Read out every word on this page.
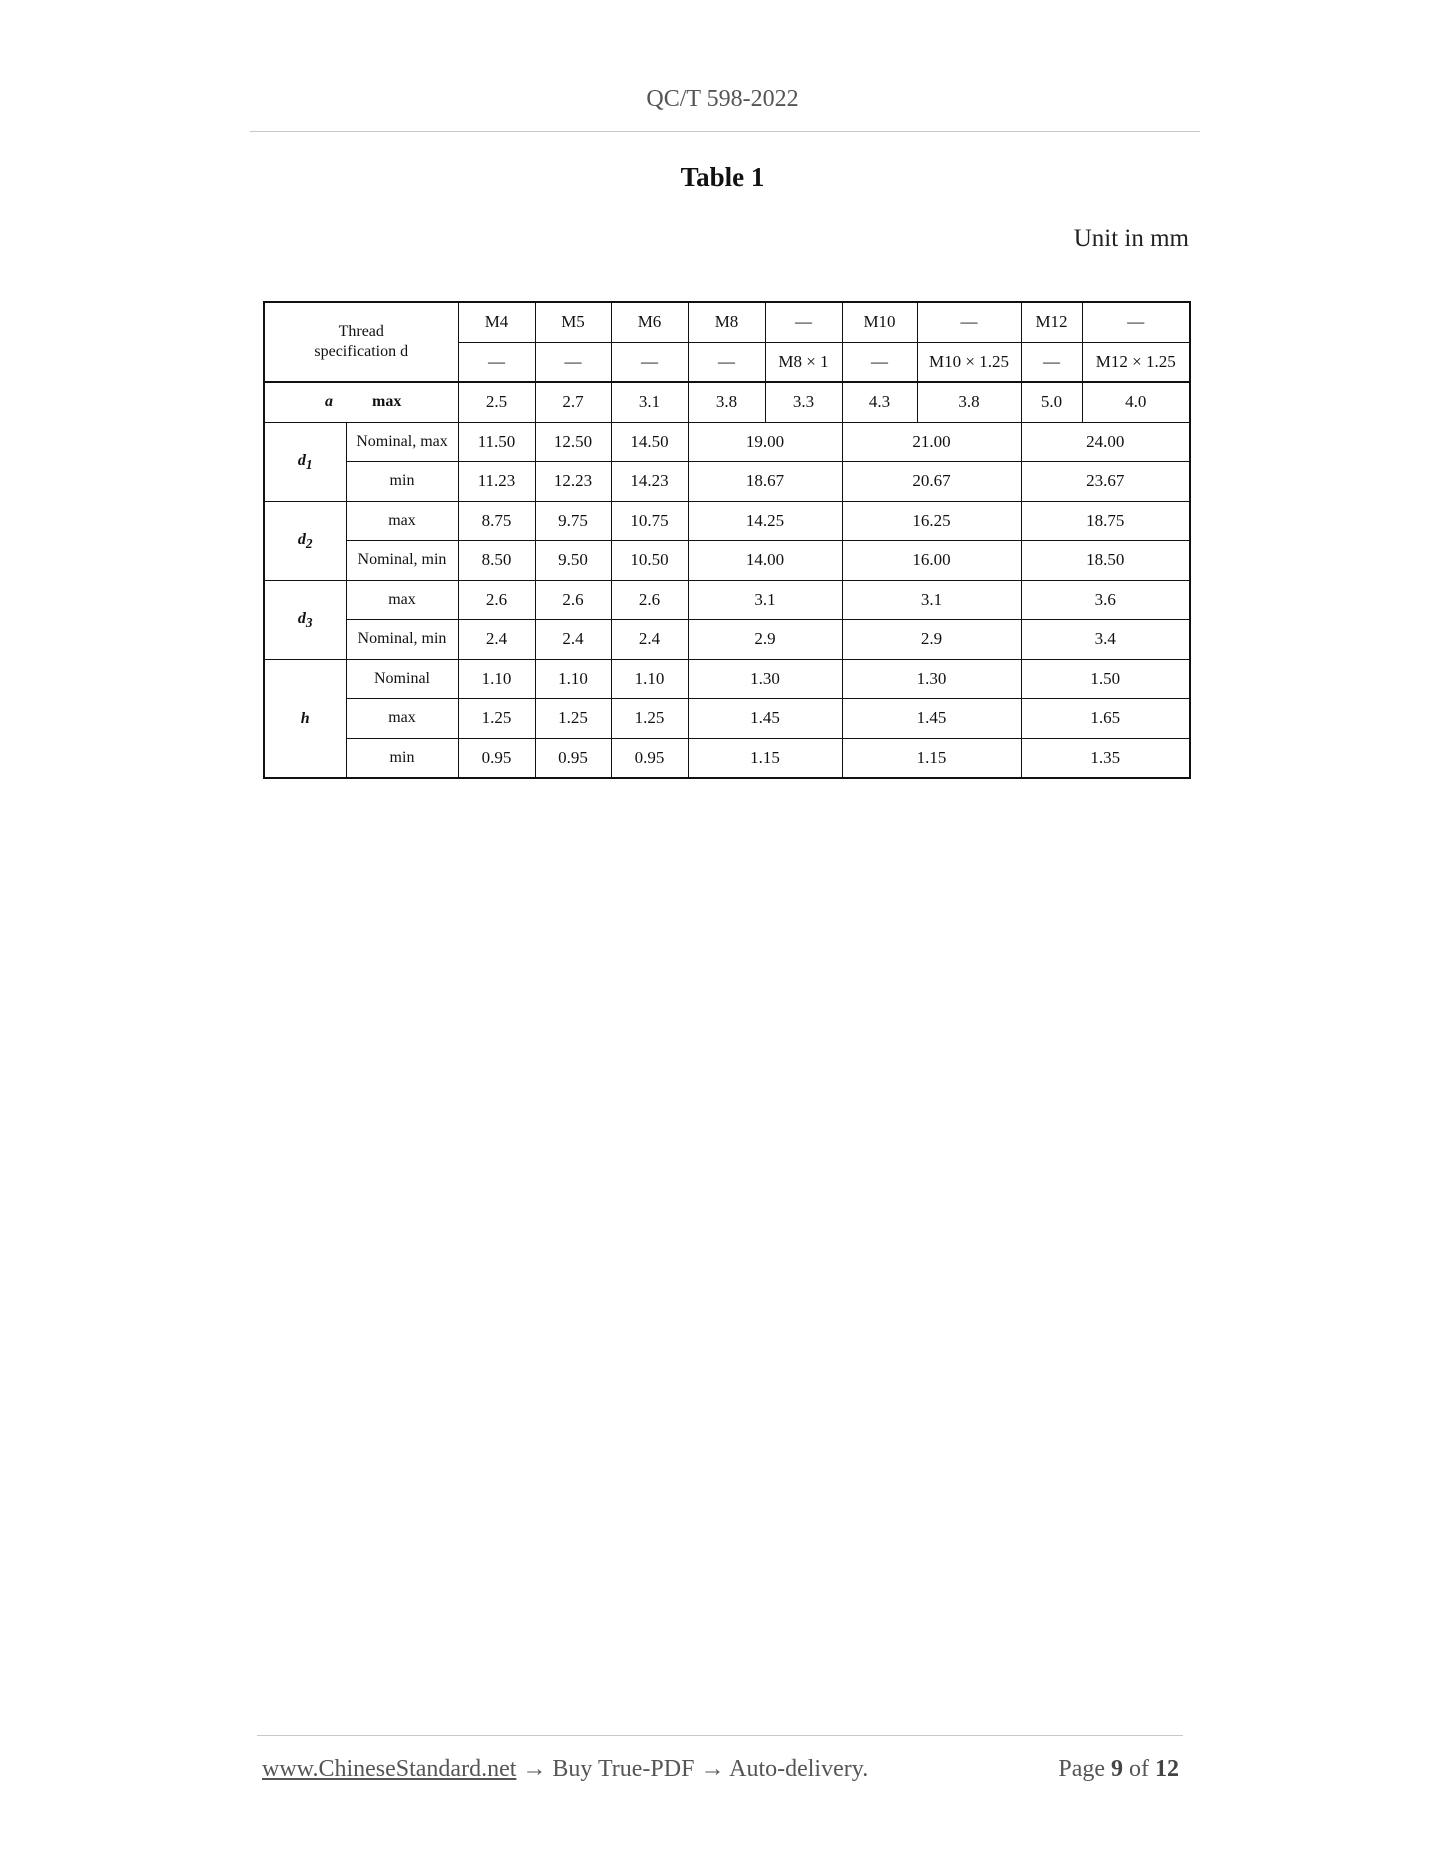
QC/T 598-2022
Table 1
Unit in mm
Thread
specification d		M4	M5	M6	M8	—	M10	—	M12	—
		—	—	—	—	M8 × 1	—	M10 × 1.25	—	M12 × 1.25

a max		2.5	2.7	3.1	3.8	3.3	4.3	3.8	5.0	4.0
$d_1$	Nominal, max	11.50	12.50	14.50	19.00		21.00		24.00	
	min	11.23	12.23	14.23	18.67		20.67		23.67	
$d_2$	max	8.75	9.75	10.75	14.25		16.25		18.75	
	Nominal, min	8.50	9.50	10.50	14.00		16.00		18.50	
$d_3$	max	2.6	2.6	2.6	3.1		3.1		3.6	
	Nominal, min	2.4	2.4	2.4	2.9		2.9		3.4	
h	Nominal	1.10	1.10	1.10	1.30		1.30		1.50	
	max	1.25	1.25	1.25	1.45		1.45		1.65	
	min	0.95	0.95	0.95	1.15		1.15		1.35	
www.ChineseStandard.net → Buy True-PDF → Auto-delivery.	Page 9 of 12
